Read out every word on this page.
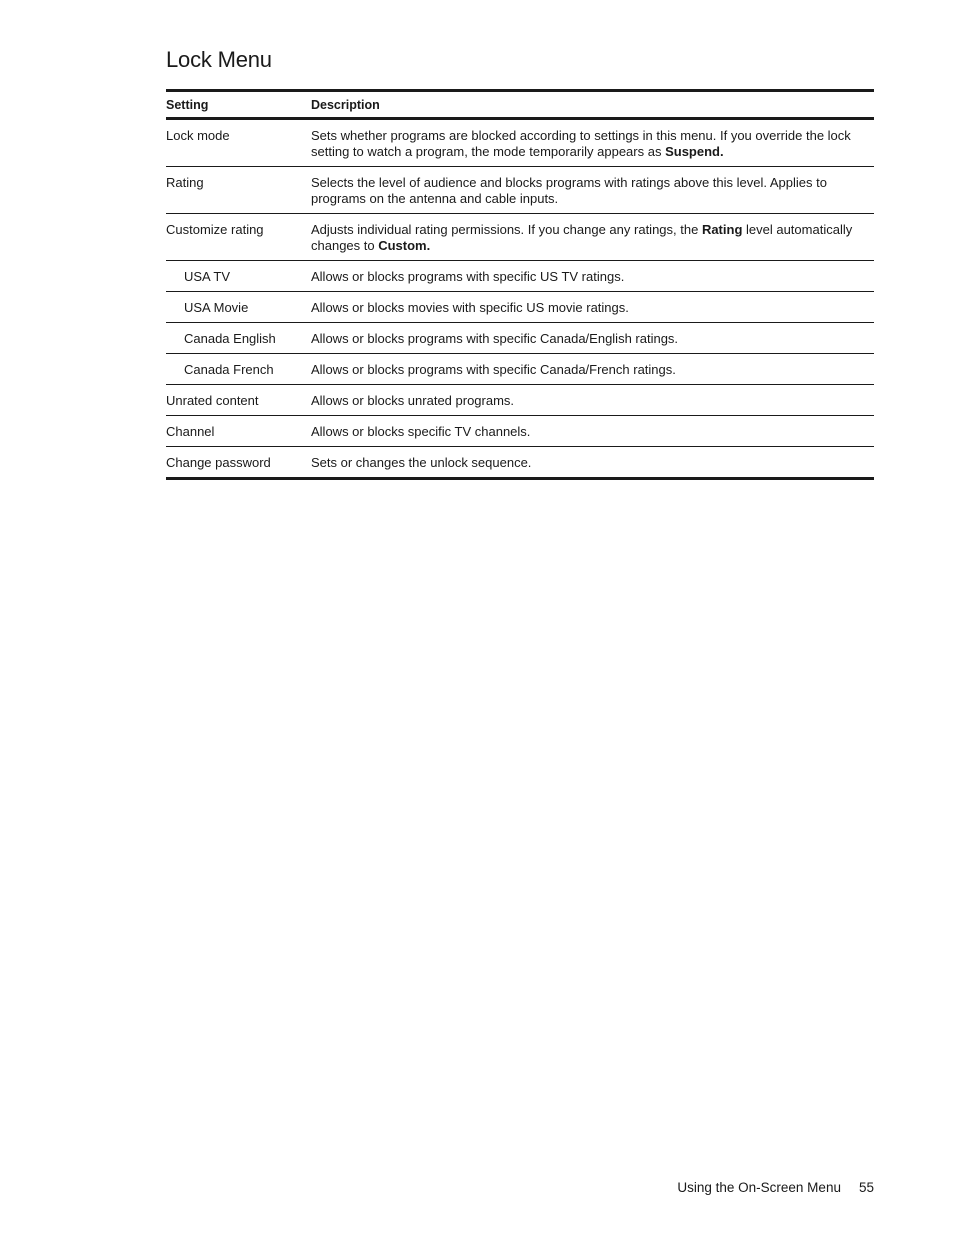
Lock Menu
Setting	Description
Lock mode	Sets whether programs are blocked according to settings in this menu. If you override the lock setting to watch a program, the mode temporarily appears as Suspend.
Rating	Selects the level of audience and blocks programs with ratings above this level. Applies to programs on the antenna and cable inputs.
Customize rating	Adjusts individual rating permissions. If you change any ratings, the Rating level automatically changes to Custom.
USA TV	Allows or blocks programs with specific US TV ratings.
USA Movie	Allows or blocks movies with specific US movie ratings.
Canada English	Allows or blocks programs with specific Canada/English ratings.
Canada French	Allows or blocks programs with specific Canada/French ratings.
Unrated content	Allows or blocks unrated programs.
Channel	Allows or blocks specific TV channels.
Change password	Sets or changes the unlock sequence.
Using the On-Screen Menu 55
